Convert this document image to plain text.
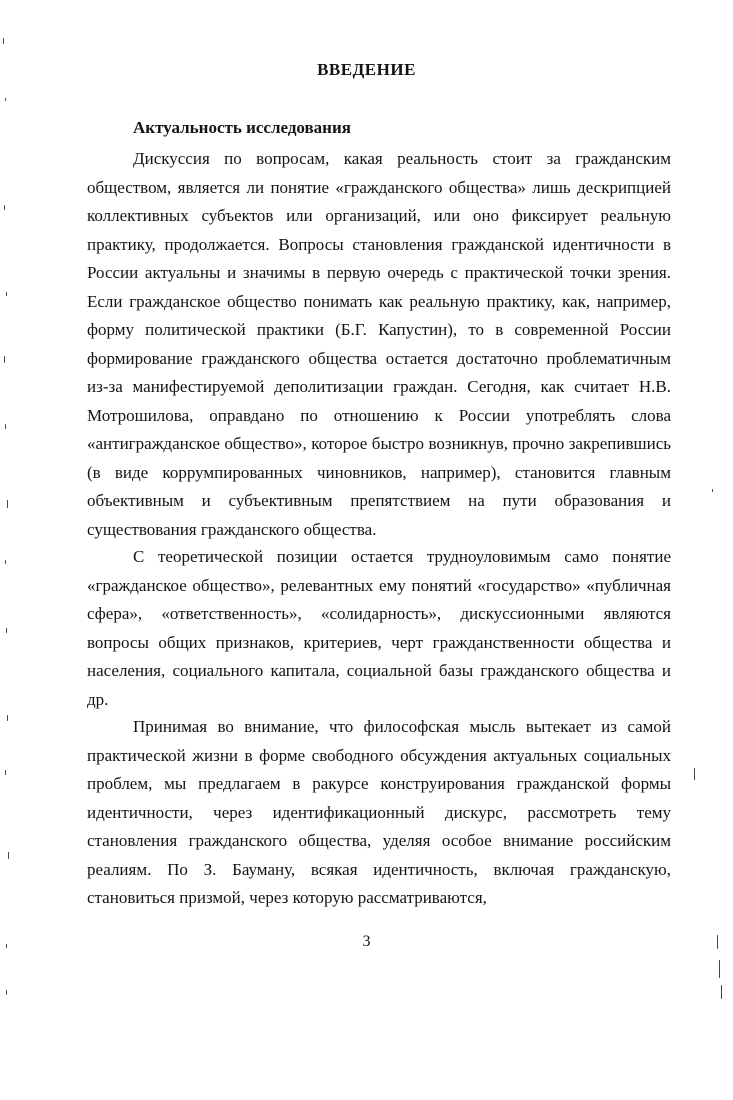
ВВЕДЕНИЕ
Актуальность исследования

Дискуссия по вопросам, какая реальность стоит за гражданским обществом, является ли понятие «гражданского общества» лишь дескрипцией коллективных субъектов или организаций, или оно фиксирует реальную практику, продолжается. Вопросы становления гражданской идентичности в России актуальны и значимы в первую очередь с практической точки зрения. Если гражданское общество понимать как реальную практику, как, например, форму политической практики (Б.Г. Капустин), то в современной России формирование гражданского общества остается достаточно проблематичным из-за манифестируемой деполитизации граждан. Сегодня, как считает Н.В. Мотрошилова, оправдано по отношению к России употреблять слова «антигражданское общество», которое быстро возникнув, прочно закрепившись (в виде коррумпированных чиновников, например), становится главным объективным и субъективным препятствием на пути образования и существования гражданского общества.

С теоретической позиции остается трудноуловимым само понятие «гражданское общество», релевантных ему понятий «государство» «публичная сфера», «ответственность», «солидарность», дискуссионными являются вопросы общих признаков, критериев, черт гражданственности общества и населения, социального капитала, социальной базы гражданского общества и др.

Принимая во внимание, что философская мысль вытекает из самой практической жизни в форме свободного обсуждения актуальных социальных проблем, мы предлагаем в ракурсе конструирования гражданской формы идентичности, через идентификационный дискурс, рассмотреть тему становления гражданского общества, уделяя особое внимание российским реалиям. По З. Бауману, всякая идентичность, включая гражданскую, становиться призмой, через которую рассматриваются,

3
